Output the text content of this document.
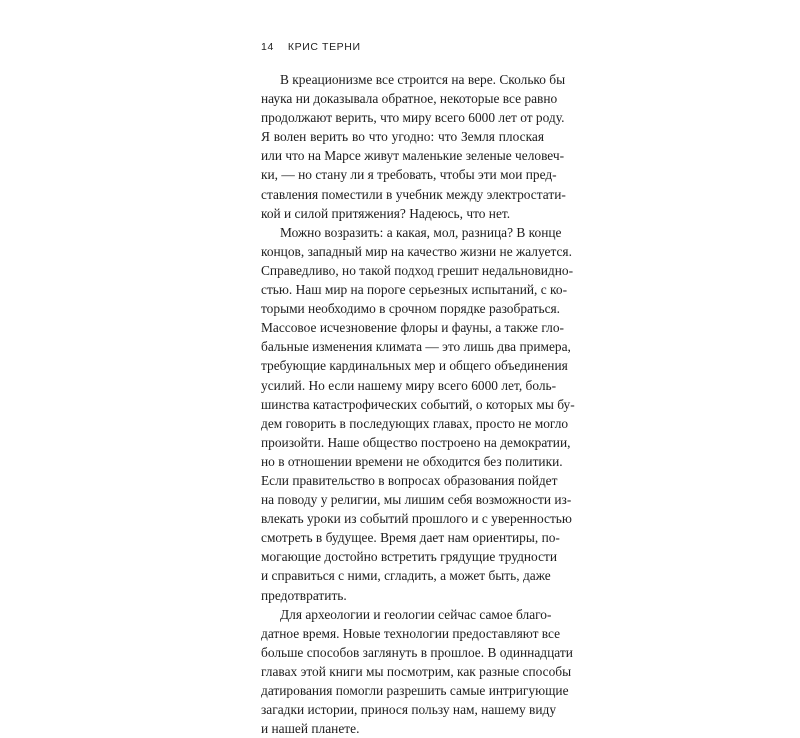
14 КРИС ТЕРНИ
В креационизме все строится на вере. Сколько бы
наука ни доказывала обратное, некоторые все равно
продолжают верить, что миру всего 6000 лет от роду.
Я волен верить во что угодно: что Земля плоская
или что на Марсе живут маленькие зеленые человеч-
ки, — но стану ли я требовать, чтобы эти мои пред-
ставления поместили в учебник между электростати-
кой и силой притяжения? Надеюсь, что нет.
Можно возразить: а какая, мол, разница? В конце
концов, западный мир на качество жизни не жалуется.
Справедливо, но такой подход грешит недальновидно-
стью. Наш мир на пороге серьезных испытаний, с ко-
торыми необходимо в срочном порядке разобраться.
Массовое исчезновение флоры и фауны, а также гло-
бальные изменения климата — это лишь два примера,
требующие кардинальных мер и общего объединения
усилий. Но если нашему миру всего 6000 лет, боль-
шинства катастрофических событий, о которых мы бу-
дем говорить в последующих главах, просто не могло
произойти. Наше общество построено на демократии,
но в отношении времени не обходится без политики.
Если правительство в вопросах образования пойдет
на поводу у религии, мы лишим себя возможности из-
влекать уроки из событий прошлого и с уверенностью
смотреть в будущее. Время дает нам ориентиры, по-
могающие достойно встретить грядущие трудности
и справиться с ними, сгладить, а может быть, даже
предотвратить.
Для археологии и геологии сейчас самое благо-
датное время. Новые технологии предоставляют все
больше способов заглянуть в прошлое. В одиннадцати
главах этой книги мы посмотрим, как разные способы
датирования помогли разрешить самые интригующие
загадки истории, принося пользу нам, нашему виду
и нашей планете.
